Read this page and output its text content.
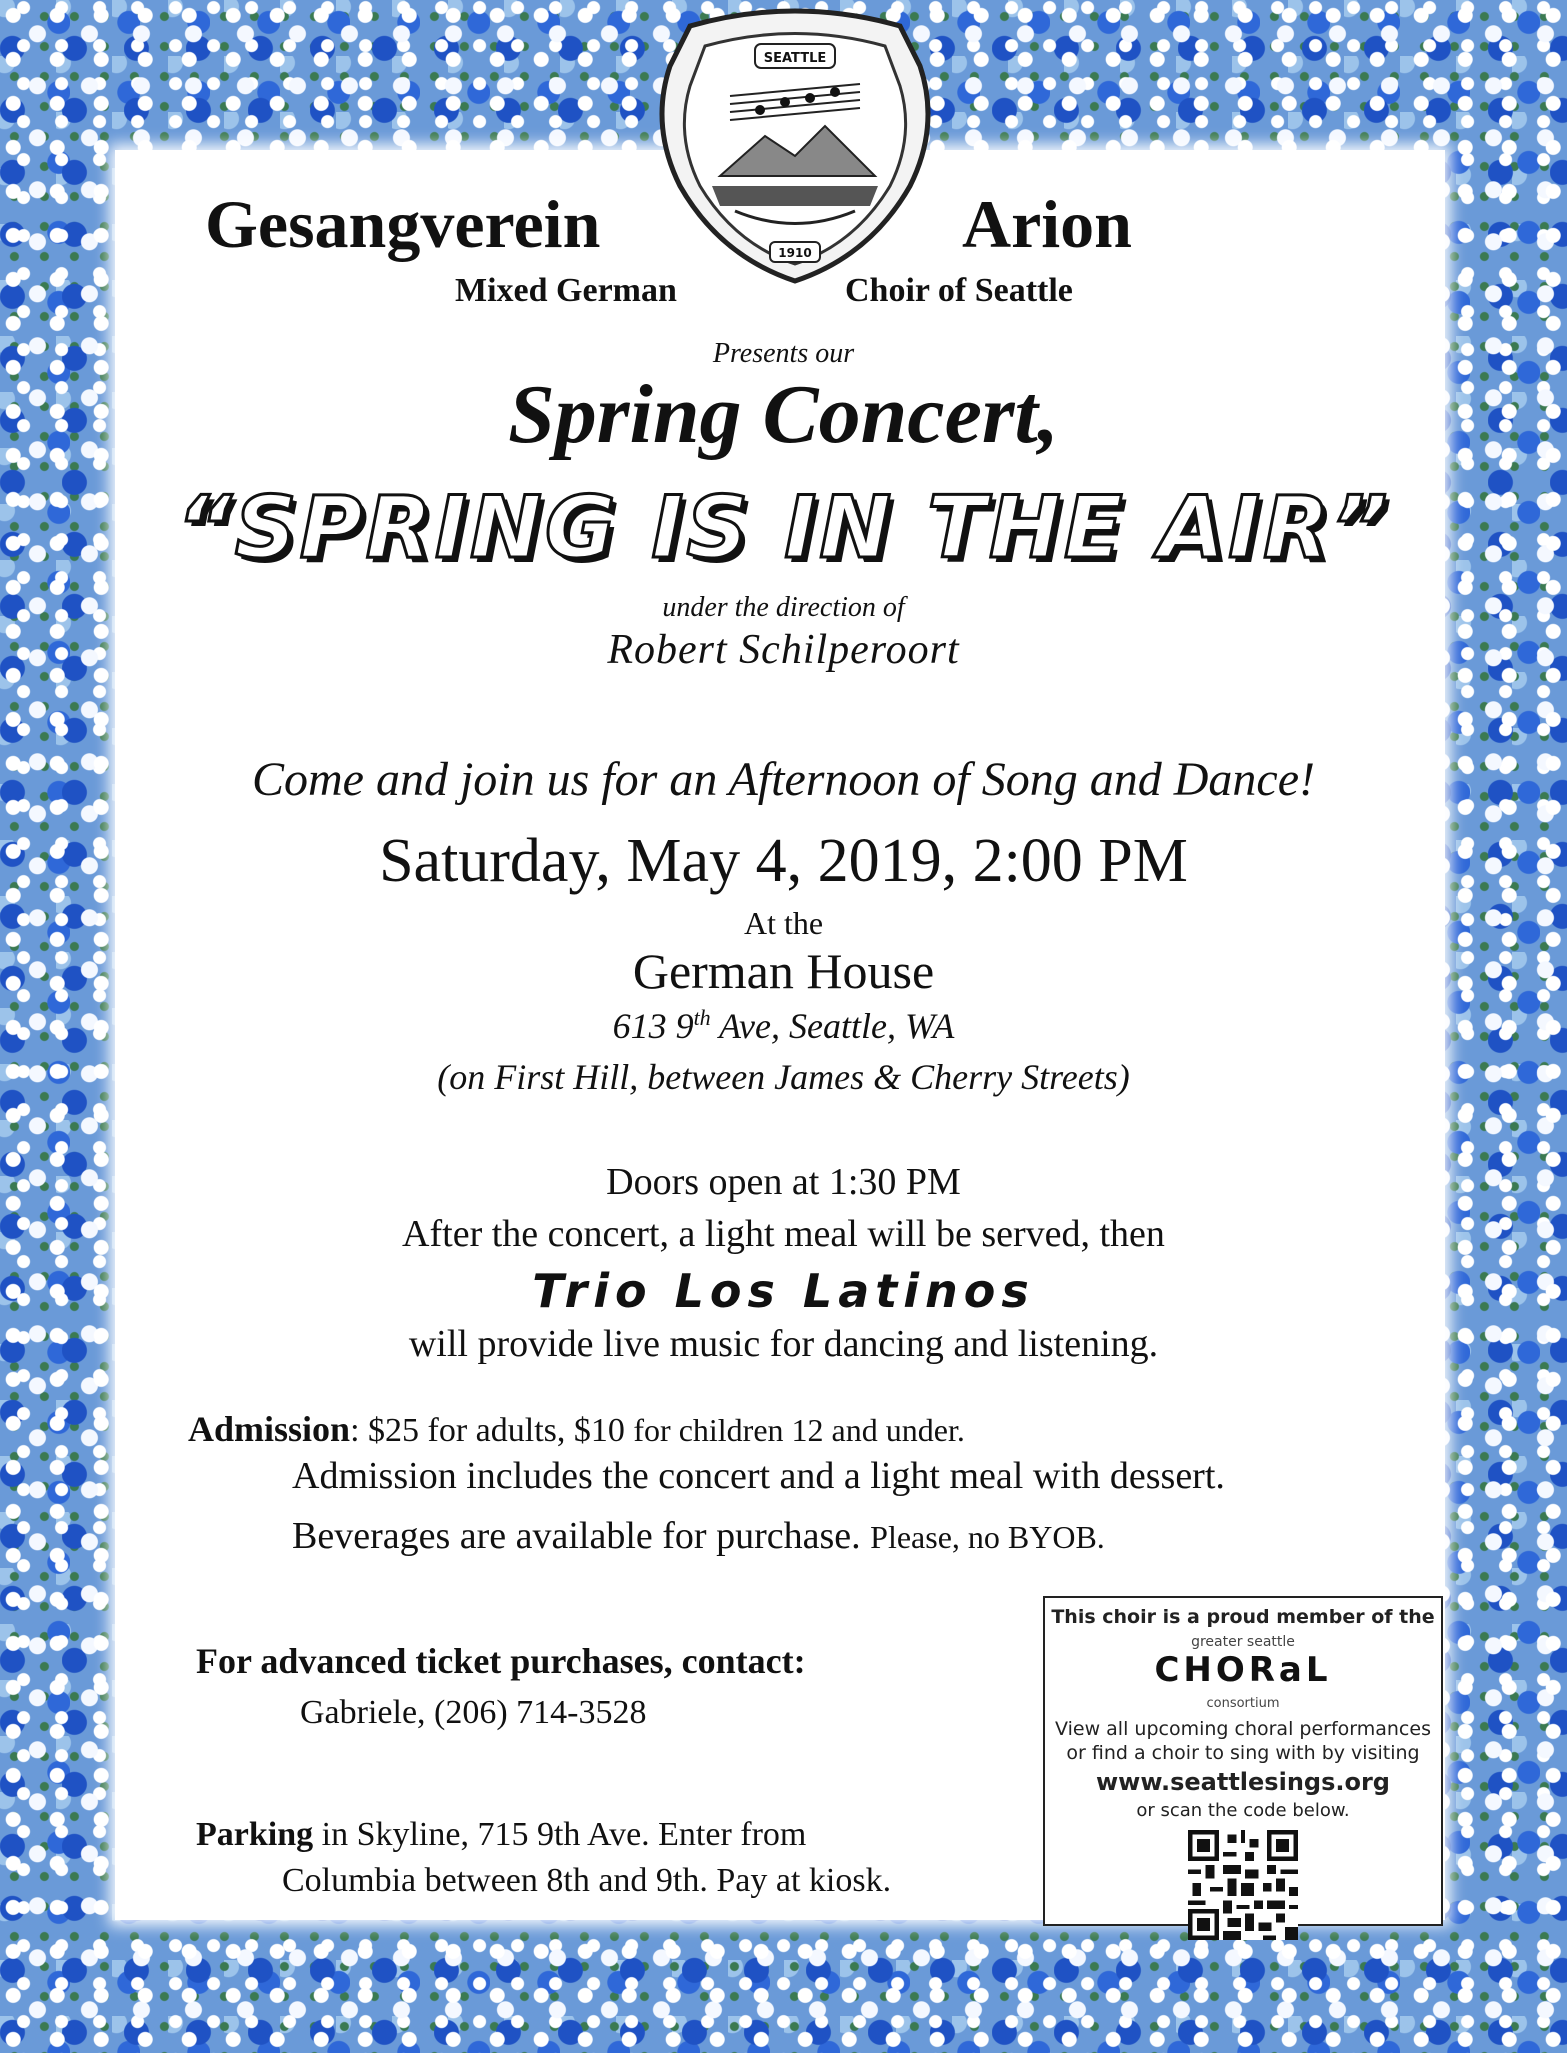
SEATTLE
1910
Gesangverein	Arion
Mixed German	Choir of Seattle
Presents our
Spring Concert,
“SPRING IS IN THE AIR”
under the direction of
Robert Schilperoort
Come and join us for an Afternoon of Song and Dance!
Saturday, May 4, 2019, 2:00 PM
At the
German House
613 9th Ave, Seattle, WA
(on First Hill, between James & Cherry Streets)
Doors open at 1:30 PM
After the concert, a light meal will be served, then
Trio Los Latinos
will provide live music for dancing and listening.
Admission: $25 for adults, $10 for children 12 and under.
Admission includes the concert and a light meal with dessert.
Beverages are available for purchase. Please, no BYOB.
For advanced ticket purchases, contact:
Gabriele, (206) 714-3528
Parking in Skyline, 715 9th Ave. Enter from
Columbia between 8th and 9th. Pay at kiosk.
This choir is a proud member of the
greater seattle
CHORaL
consortium
View all upcoming choral performances
or find a choir to sing with by visiting
www.seattlesings.org
or scan the code below.
